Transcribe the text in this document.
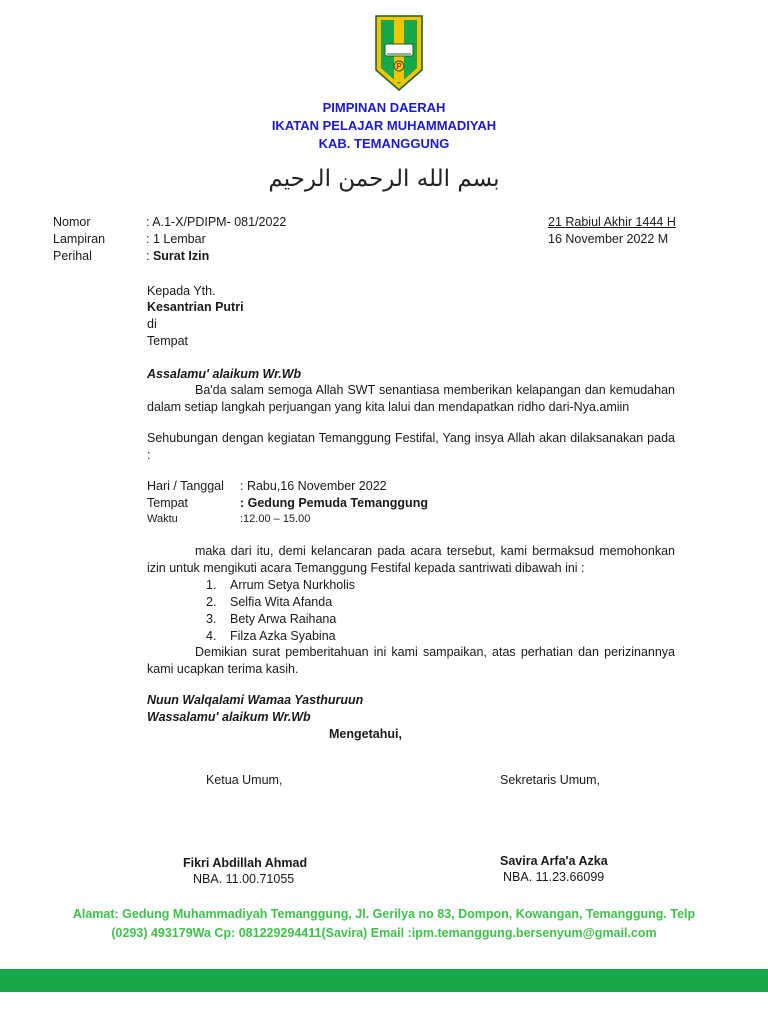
P
PIMPINAN DAERAH
IKATAN PELAJAR MUHAMMADIYAH
KAB. TEMANGGUNG
بسم الله الرحمن الرحيم
Nomor	: A.1-X/PDIPM- 081/2022
Lampiran	: 1 Lembar
Perihal	: Surat Izin
21 Rabiul Akhir 1444 H
16 November 2022 M
Kepada Yth.
Kesantrian Putri
di
Tempat
Assalamu' alaikum Wr.Wb
Ba'da salam semoga Allah SWT senantiasa memberikan kelapangan dan kemudahan dalam setiap langkah perjuangan yang kita lalui dan mendapatkan ridho dari-Nya.amiin
Sehubungan dengan kegiatan Temanggung Festifal, Yang insya Allah akan dilaksanakan pada :
Hari / Tanggal : Rabu,16 November 2022
Tempat	: Gedung Pemuda Temanggung
Waktu	:12.00 – 15.00
maka dari itu, demi kelancaran pada acara tersebut, kami bermaksud memohonkan izin untuk mengikuti acara Temanggung Festifal kepada santriwati dibawah ini :
1. Arrum Setya Nurkholis
2. Selfia Wita Afanda
3. Bety Arwa Raihana
4. Filza Azka Syabina
Demikian surat pemberitahuan ini kami sampaikan, atas perhatian dan perizinannya kami ucapkan terima kasih.
Nuun Walqalami Wamaa Yasthuruun
Wassalamu' alaikum Wr.Wb
Mengetahui,
Ketua Umum,	Sekretaris Umum,
Fikri Abdillah Ahmad
NBA. 11.00.71055
Savira Arfa'a Azka
NBA. 11.23.66099
Alamat: Gedung Muhammadiyah Temanggung, Jl. Gerilya no 83, Dompon, Kowangan, Temanggung. Telp
(0293) 493179Wa Cp: 081229294411(Savira) Email :ipm.temanggung.bersenyum@gmail.com
